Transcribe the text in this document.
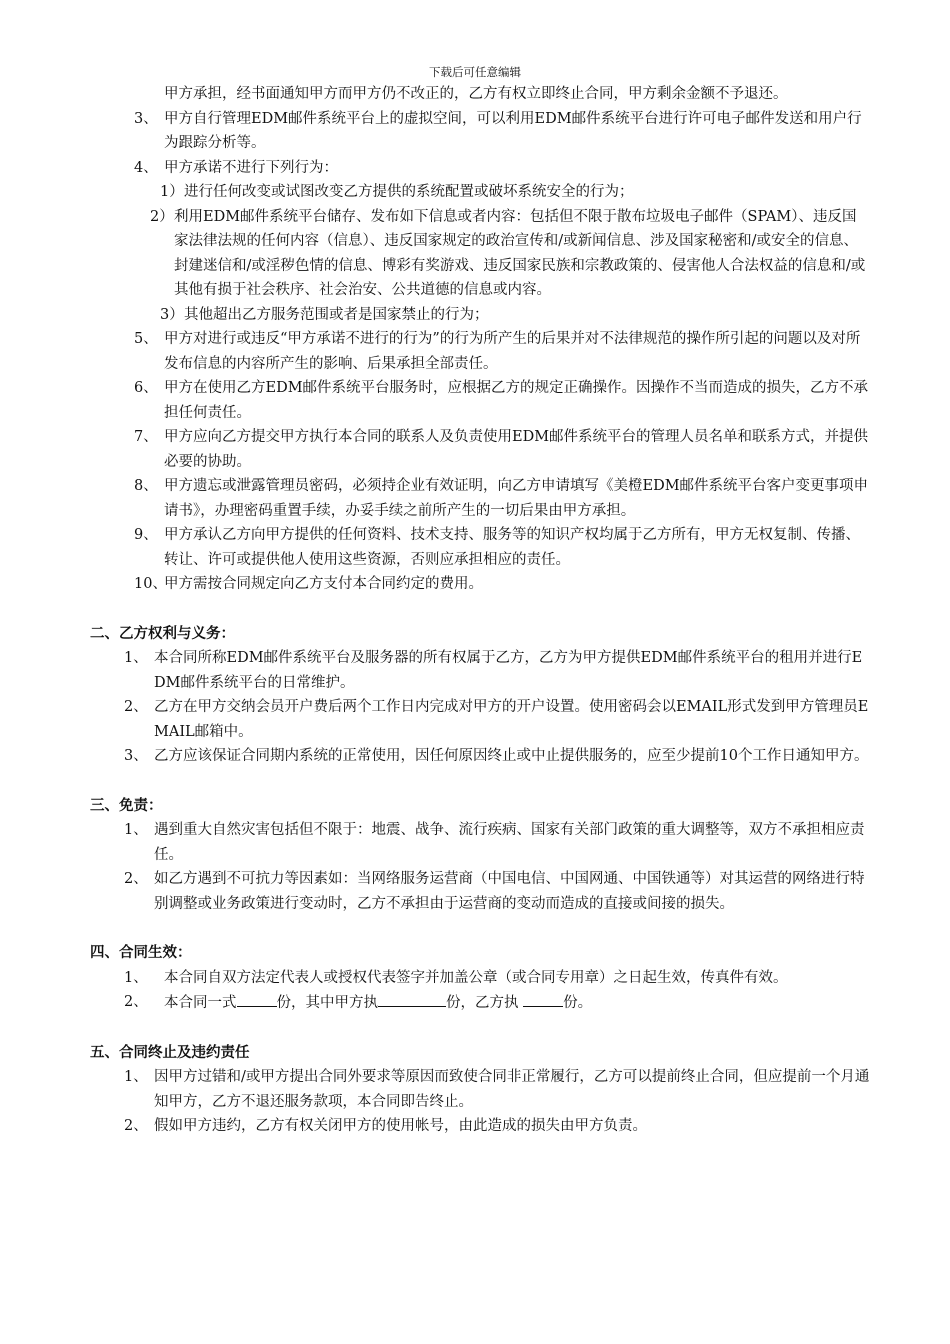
下载后可任意编辑
甲方承担，经书面通知甲方而甲方仍不改正的，乙方有权立即终止合同，甲方剩余金额不予退还。
3、 甲方自行管理EDM邮件系统平台上的虚拟空间，可以利用EDM邮件系统平台进行许可电子邮件发送和用户行为跟踪分析等。
4、 甲方承诺不进行下列行为：
1） 进行任何改变或试图改变乙方提供的系统配置或破坏系统安全的行为；
2） 利用EDM邮件系统平台储存、发布如下信息或者内容：包括但不限于散布垃圾电子邮件（SPAM）、违反国家法律法规的任何内容（信息）、违反国家规定的政治宣传和/或新闻信息、涉及国家秘密和/或安全的信息、封建迷信和/或淫秽色情的信息、博彩有奖游戏、违反国家民族和宗教政策的、侵害他人合法权益的信息和/或其他有损于社会秩序、社会治安、公共道德的信息或内容。
3） 其他超出乙方服务范围或者是国家禁止的行为；
5、 甲方对进行或违反“甲方承诺不进行的行为”的行为所产生的后果并对不法律规范的操作所引起的问题以及对所发布信息的内容所产生的影响、后果承担全部责任。
6、 甲方在使用乙方EDM邮件系统平台服务时，应根据乙方的规定正确操作。因操作不当而造成的损失，乙方不承担任何责任。
7、 甲方应向乙方提交甲方执行本合同的联系人及负责使用EDM邮件系统平台的管理人员名单和联系方式，并提供必要的协助。
8、 甲方遗忘或泄露管理员密码，必须持企业有效证明，向乙方申请填写《美橙EDM邮件系统平台客户变更事项申请书》，办理密码重置手续，办妥手续之前所产生的一切后果由甲方承担。
9、 甲方承认乙方向甲方提供的任何资料、技术支持、服务等的知识产权均属于乙方所有，甲方无权复制、传播、转让、许可或提供他人使用这些资源，否则应承担相应的责任。
10、
甲方需按合同规定向乙方支付本合同约定的费用。
二、乙方权利与义务：
1、 本合同所称EDM邮件系统平台及服务器的所有权属于乙方，乙方为甲方提供EDM邮件系统平台的租用并进行EDM邮件系统平台的日常维护。
2、 乙方在甲方交纳会员开户费后两个工作日内完成对甲方的开户设置。使用密码会以EMAIL形式发到甲方管理员EMAIL邮箱中。
3、 乙方应该保证合同期内系统的正常使用，因任何原因终止或中止提供服务的，应至少提前10个工作日通知甲方。
三、免责：
1、 遇到重大自然灾害包括但不限于：地震、战争、流行疾病、国家有关部门政策的重大调整等，双方不承担相应责任。
2、 如乙方遇到不可抗力等因素如：当网络服务运营商（中国电信、中国网通、中国铁通等）对其运营的网络进行特别调整或业务政策进行变动时，乙方不承担由于运营商的变动而造成的直接或间接的损失。
四、合同生效：
1、 本合同自双方法定代表人或授权代表签字并加盖公章（或合同专用章）之日起生效，传真件有效。
2、 本合同一式	份，其中甲方执	份，乙方执	份。
五、合同终止及违约责任
1、 因甲方过错和/或甲方提出合同外要求等原因而致使合同非正常履行，乙方可以提前终止合同，但应提前一个月通知甲方，乙方不退还服务款项，本合同即告终止。
2、 假如甲方违约，乙方有权关闭甲方的使用帐号，由此造成的损失由甲方负责。
